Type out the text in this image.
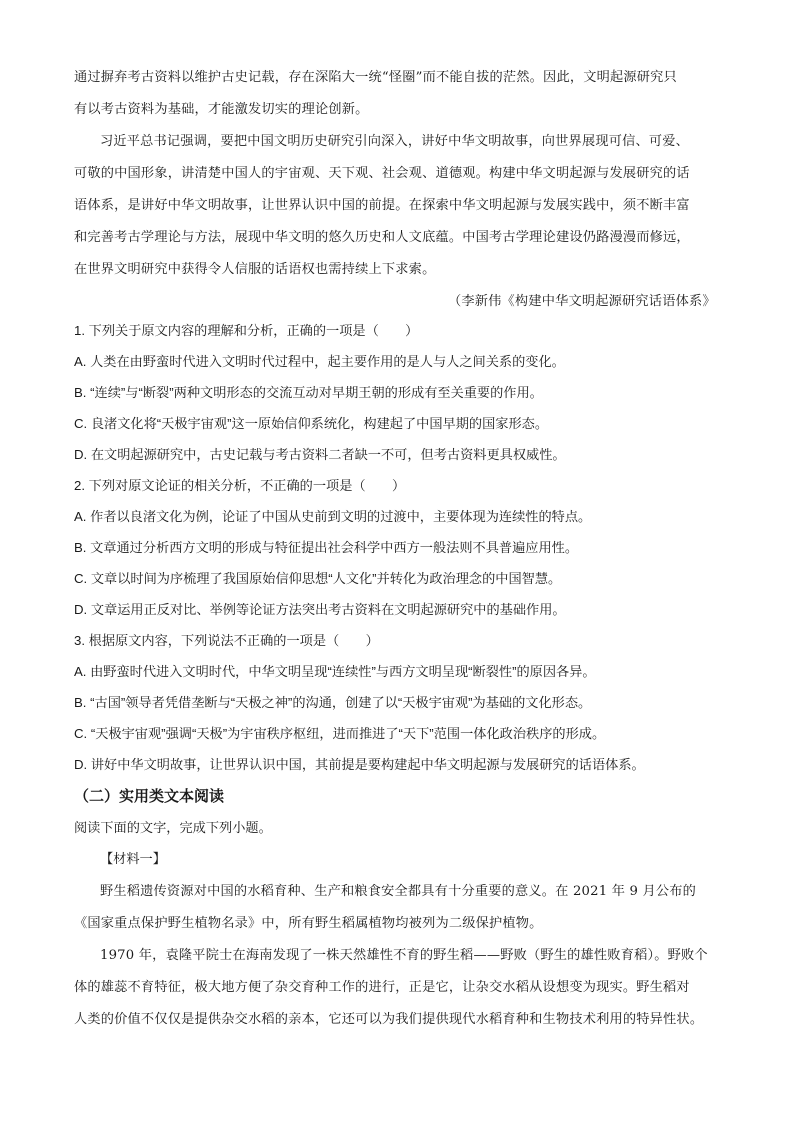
通过摒弃考古资料以维护古史记载，存在深陷大一统“怪圈”而不能自拔的茫然。因此，文明起源研究只
有以考古资料为基础，才能激发切实的理论创新。
习近平总书记强调，要把中国文明历史研究引向深入，讲好中华文明故事，向世界展现可信、可爱、
可敬的中国形象，讲清楚中国人的宇宙观、天下观、社会观、道德观。构建中华文明起源与发展研究的话
语体系，是讲好中华文明故事，让世界认识中国的前提。在探索中华文明起源与发展实践中，须不断丰富
和完善考古学理论与方法，展现中华文明的悠久历史和人文底蕴。中国考古学理论建设仍路漫漫而修远，
在世界文明研究中获得令人信服的话语权也需持续上下求索。
（李新伟《构建中华文明起源研究话语体系》
1. 下列关于原文内容的理解和分析，正确的一项是（　　）
A. 人类在由野蛮时代进入文明时代过程中，起主要作用的是人与人之间关系的变化。
B. “连续”与“断裂”两种文明形态的交流互动对早期王朝的形成有至关重要的作用。
C. 良渚文化将“天极宇宙观”这一原始信仰系统化，构建起了中国早期的国家形态。
D. 在文明起源研究中，古史记载与考古资料二者缺一不可，但考古资料更具权威性。
2. 下列对原文论证的相关分析，不正确的一项是（　　）
A. 作者以良渚文化为例，论证了中国从史前到文明的过渡中，主要体现为连续性的特点。
B. 文章通过分析西方文明的形成与特征提出社会科学中西方一般法则不具普遍应用性。
C. 文章以时间为序梳理了我国原始信仰思想“人文化”并转化为政治理念的中国智慧。
D. 文章运用正反对比、举例等论证方法突出考古资料在文明起源研究中的基础作用。
3. 根据原文内容，下列说法不正确的一项是（　　）
A. 由野蛮时代进入文明时代，中华文明呈现“连续性”与西方文明呈现“断裂性”的原因各异。
B. “古国”领导者凭借垄断与“天极之神”的沟通，创建了以“天极宇宙观”为基础的文化形态。
C. “天极宇宙观”强调“天极”为宇宙秩序枢纽，进而推进了“天下”范围一体化政治秩序的形成。
D. 讲好中华文明故事，让世界认识中国，其前提是要构建起中华文明起源与发展研究的话语体系。
（二）实用类文本阅读
阅读下面的文字，完成下列小题。
【材料一】
野生稻遗传资源对中国的水稻育种、生产和粮食安全都具有十分重要的意义。在 2021 年 9 月公布的
《国家重点保护野生植物名录》中，所有野生稻属植物均被列为二级保护植物。
1970 年，袁隆平院士在海南发现了一株天然雄性不育的野生稻——野败（野生的雄性败育稻）。野败个
体的雄蕊不育特征，极大地方便了杂交育种工作的进行，正是它，让杂交水稻从设想变为现实。野生稻对
人类的价值不仅仅是提供杂交水稻的亲本，它还可以为我们提供现代水稻育种和生物技术利用的特异性状。
